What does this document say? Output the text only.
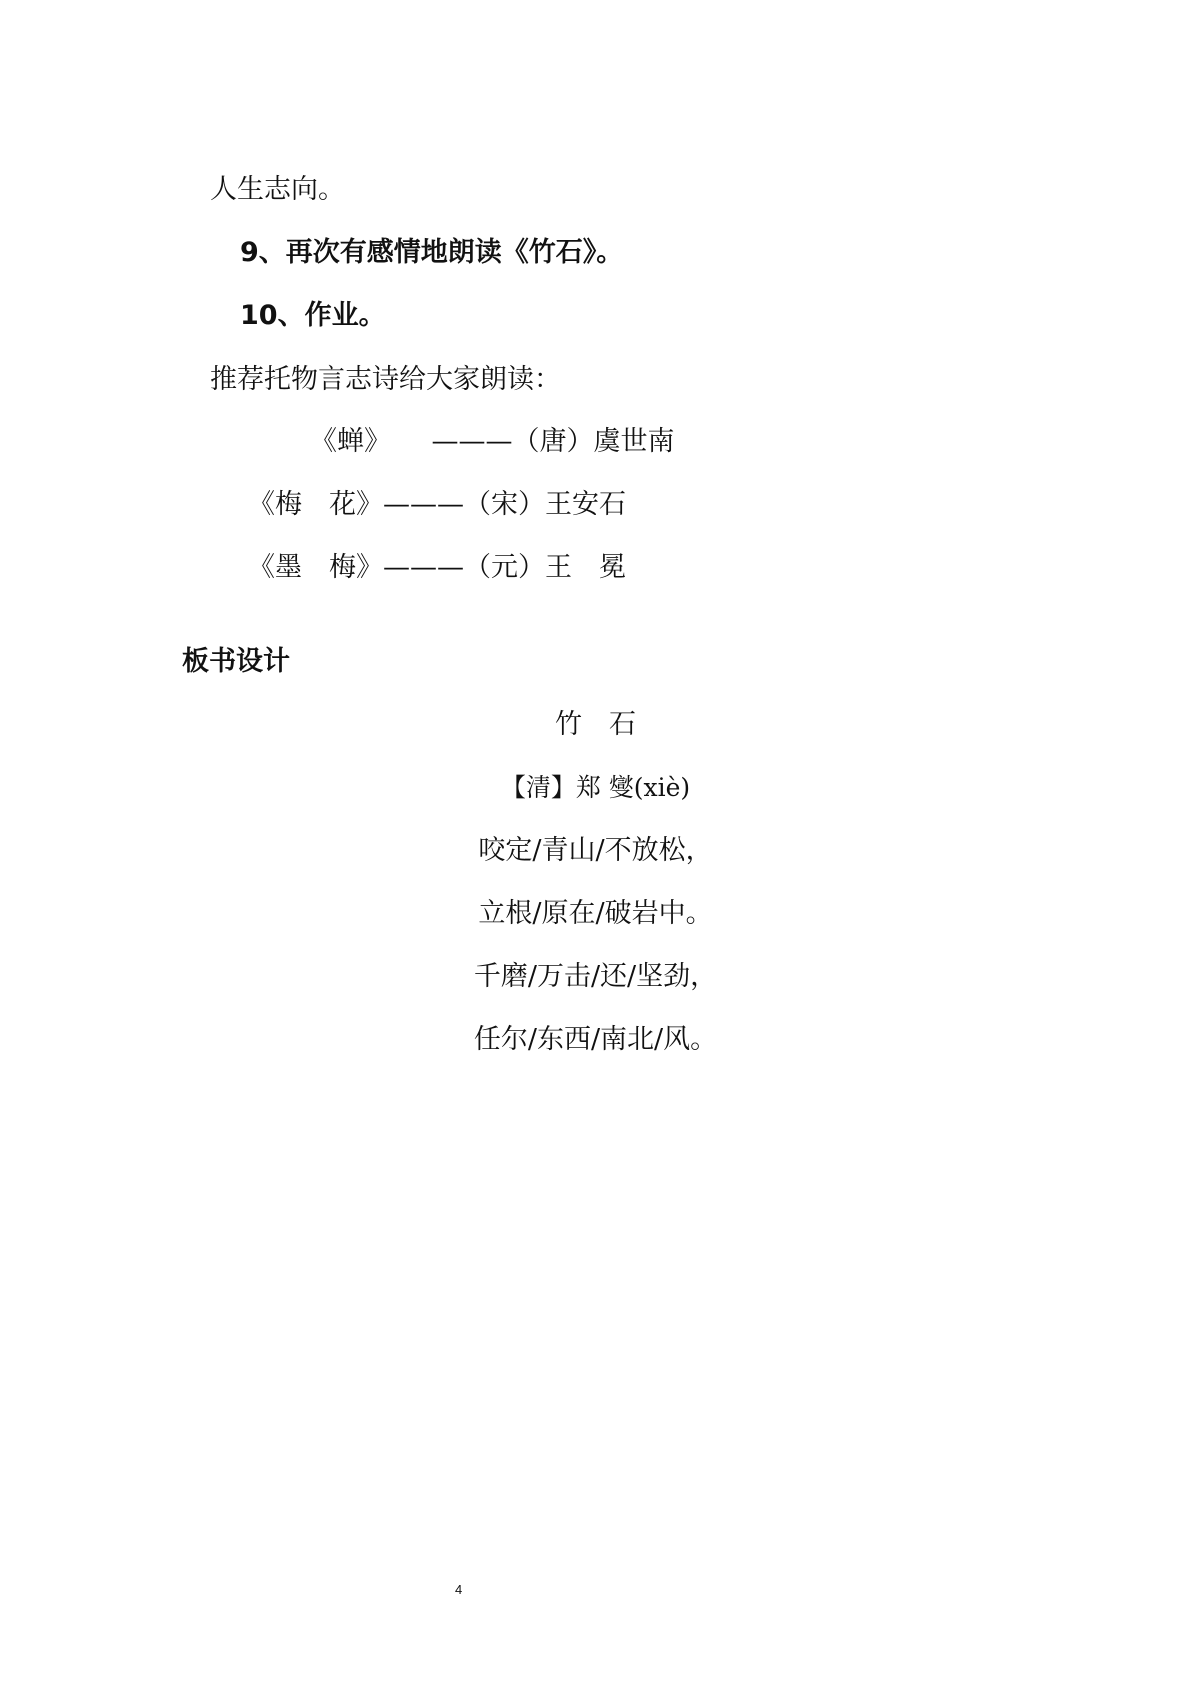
人生志向。
9、再次有感情地朗读《竹石》。
10、作业。
推荐托物言志诗给大家朗读：
《蝉》　　———（唐）虞世南
《梅　花》———（宋）王安石
《墨　梅》———（元）王　冕
板书设计
竹　石
【清】郑 燮(xiè)
咬定/青山/不放松，
立根/原在/破岩中。
千磨/万击/还/坚劲，
任尔/东西/南北/风。
4
